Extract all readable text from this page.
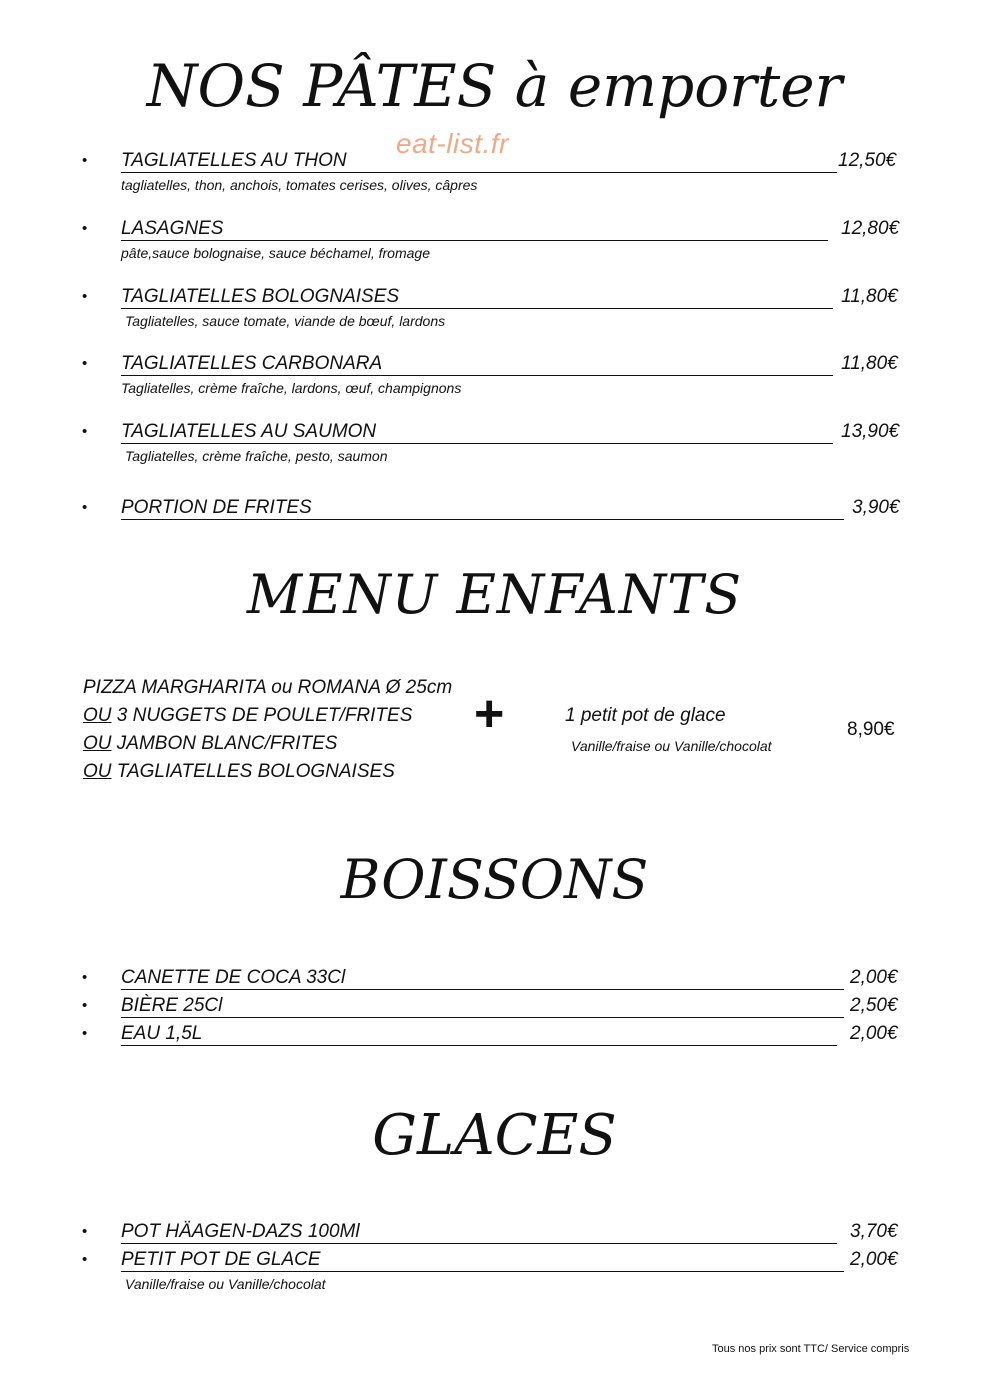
NOS PÂTES à emporter
eat-list.fr
• TAGLIATELLES AU THON	12,50€
tagliatelles, thon, anchois, tomates cerises, olives, câpres
• LASAGNES	12,80€
pâte,sauce bolognaise, sauce béchamel, fromage
• TAGLIATELLES BOLOGNAISES	11,80€
Tagliatelles, sauce tomate, viande de bœuf, lardons
• TAGLIATELLES CARBONARA	11,80€
Tagliatelles, crème fraîche, lardons, œuf, champignons
• TAGLIATELLES AU SAUMON	13,90€
Tagliatelles, crème fraîche, pesto, saumon
• PORTION DE FRITES	3,90€
MENU ENFANTS
PIZZA MARGHARITA ou ROMANA Ø 25cm
OU 3 NUGGETS DE POULET/FRITES
OU JAMBON BLANC/FRITES
OU TAGLIATELLES BOLOGNAISES
+	1 petit pot de glace
Vanille/fraise ou Vanille/chocolat
8,90€
BOISSONS
• CANETTE DE COCA 33Cl	2,00€
• BIÈRE 25Cl	2,50€
• EAU 1,5L	2,00€
GLACES
• POT HÄAGEN-DAZS 100Ml	3,70€
• PETIT POT DE GLACE	2,00€
Vanille/fraise ou Vanille/chocolat
Tous nos prix sont TTC/ Service compris
